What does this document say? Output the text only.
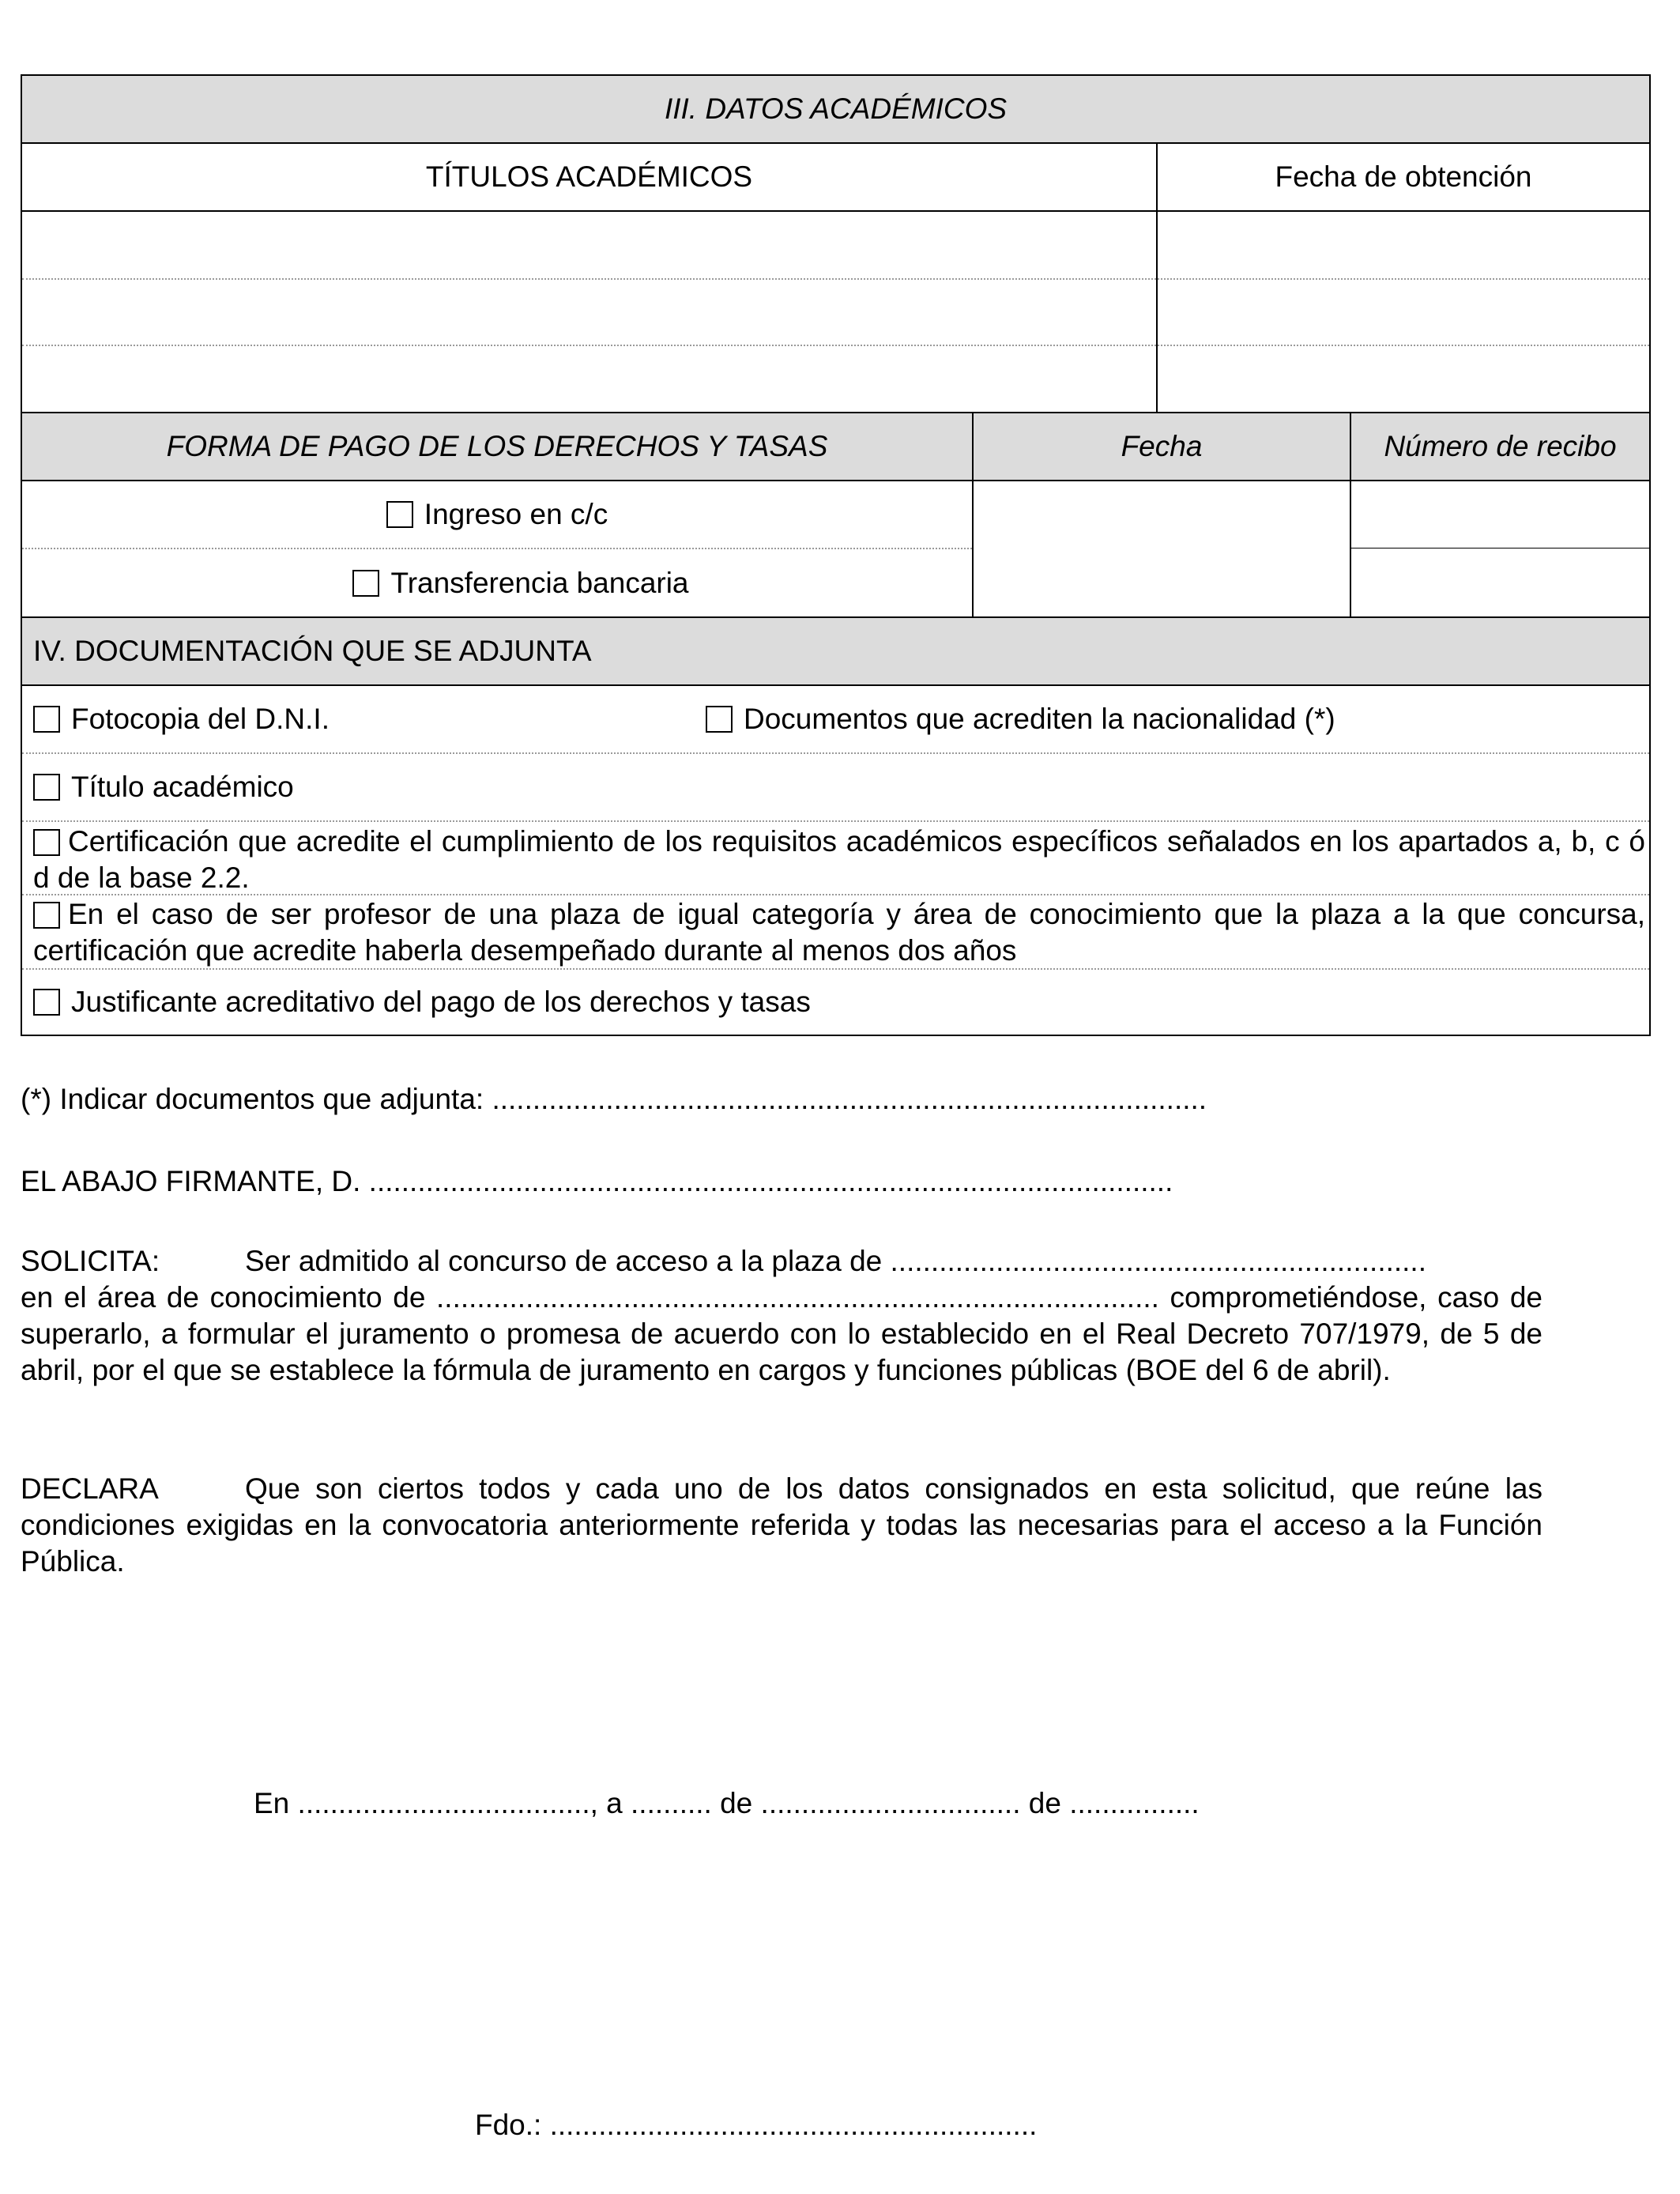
III. DATOS ACADÉMICOS
TÍTULOS ACADÉMICOS	Fecha de obtención
FORMA DE PAGO DE LOS DERECHOS Y TASAS	Fecha	Número de recibo
Ingreso en c/c
Transferencia bancaria
IV. DOCUMENTACIÓN QUE SE ADJUNTA
Fotocopia del D.N.I.	Documentos que acrediten la nacionalidad (*)
Título académico
Certificación que acredite el cumplimiento de los requisitos académicos específicos señalados en los apartados a, b, c ó d de la base 2.2.
En el caso de ser profesor de una plaza de igual categoría y área de conocimiento que la plaza a la que concursa, certificación que acredite haberla desempeñado durante al menos dos años
Justificante acreditativo del pago de los derechos y tasas
(*) Indicar documentos que adjunta: ........................................................................................
EL ABAJO FIRMANTE, D. ...................................................................................................
SOLICITA:	Ser admitido al concurso de acceso a la plaza de ..................................................................
en el área de conocimiento de ......................................................................................... comprometiéndose, caso de superarlo, a formular el juramento o promesa de acuerdo con lo establecido en el Real Decreto 707/1979, de 5 de abril, por el que se establece la fórmula de juramento en cargos y funciones públicas (BOE del 6 de abril).
DECLARA	Que son ciertos todos y cada uno de los datos consignados en esta solicitud, que reúne las condiciones exigidas en la convocatoria anteriormente referida y todas las necesarias para el acceso a la Función Pública.
En ...................................., a .......... de ................................ de ................
Fdo.: ............................................................
